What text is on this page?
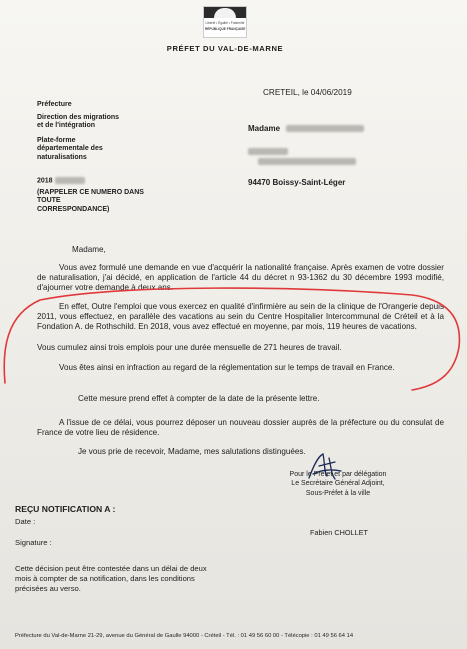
Liberté • Égalité • Fraternité
RÉPUBLIQUE FRANÇAISE
PRÉFET DU VAL-DE-MARNE
Préfecture
Direction des migrations
et de l'intégration
Plate-forme
départementale des
naturalisations
2018
(RAPPELER CE NUMERO DANS
TOUTE
CORRESPONDANCE)
CRETEIL, le 04/06/2019
Madame
94470 Boissy-Saint-Léger
Madame,
Vous avez formulé une demande en vue d'acquérir la nationalité française. Après examen de votre dossier de naturalisation, j'ai décidé, en application de l'article 44 du décret n 93-1362 du 30 décembre 1993 modifié, d'ajourner votre demande à deux ans.
En effet, Outre l'emploi que vous exercez en qualité d'infirmière au sein de la clinique de l'Orangerie depuis 2011, vous effectuez, en parallèle des vacations au sein du Centre Hospitalier Intercommunal de Créteil et à la Fondation A. de Rothschild. En 2018, vous avez effectué en moyenne, par mois, 119 heures de vacations.
Vous cumulez ainsi trois emplois pour une durée mensuelle de 271 heures de travail.
Vous êtes ainsi en infraction au regard de la réglementation sur le temps de travail en France.
Cette mesure prend effet à compter de la date de la présente lettre.
A l'issue de ce délai, vous pourrez déposer un nouveau dossier auprès de la préfecture ou du consulat de France de votre lieu de résidence.
Je vous prie de recevoir, Madame, mes salutations distinguées.
Pour le Préfet et par délégation
Le Secrétaire Général Adjoint,
Sous-Préfet à la ville
Fabien CHOLLET
REÇU NOTIFICATION A :
Date :
Signature :
Cette décision peut être contestée dans un délai de deux mois à compter de sa notification, dans les conditions précisées au verso.
Préfecture du Val-de-Marne 21-29, avenue du Général de Gaulle 94000 - Créteil - Tél. : 01 49 56 60 00 - Télécopie : 01 49 56 64 14
